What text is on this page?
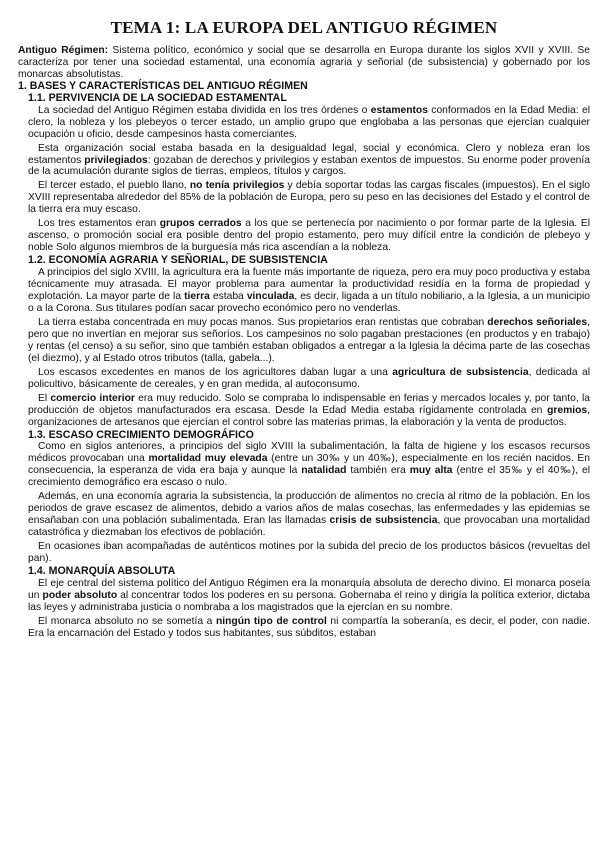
TEMA 1: LA EUROPA DEL ANTIGUO RÉGIMEN

Antiguo Régimen: Sistema político, económico y social que se desarrolla en Europa durante los siglos XVII y XVIII. Se caracteriza por tener una sociedad estamental, una economía agraria y señorial (de subsistencia) y gobernado por los monarcas absolutistas.

1. BASES Y CARACTERÍSTICAS DEL ANTIGUO RÉGIMEN
1.1. PERVIVENCIA DE LA SOCIEDAD ESTAMENTAL

La sociedad del Antiguo Régimen estaba dividida en los tres órdenes o estamentos conformados en la Edad Media: el clero, la nobleza y los plebeyos o tercer estado, un amplio grupo que englobaba a las personas que ejercían cualquier ocupación u oficio, desde campesinos hasta comerciantes.

Esta organización social estaba basada en la desigualdad legal, social y económica. Clero y nobleza eran los estamentos privilegiados: gozaban de derechos y privilegios y estaban exentos de impuestos. Su enorme poder provenía de la acumulación durante siglos de tierras, empleos, títulos y cargos.

El tercer estado, el pueblo llano, no tenía privilegios y debía soportar todas las cargas fiscales (impuestos). En el siglo XVIII representaba alrededor del 85% de la población de Europa, pero su peso en las decisiones del Estado y el control de la tierra era muy escaso.

Los tres estamentos eran grupos cerrados a los que se pertenecía por nacimiento o por formar parte de la Iglesia. El ascenso, o promoción social era posible dentro del propio estamento, pero muy difícil entre la condición de plebeyo y noble Solo algunos miembros de la burguesía más rica ascendían a la nobleza.

1.2. ECONOMÍA AGRARIA Y SEÑORIAL, DE SUBSISTENCIA

A principios del siglo XVIII, la agricultura era la fuente más importante de riqueza, pero era muy poco productiva y estaba técnicamente muy atrasada. El mayor problema para aumentar la productividad residía en la forma de propiedad y explotación. La mayor parte de la tierra estaba vinculada, es decir, ligada a un título nobiliario, a la Iglesia, a un municipio o a la Corona. Sus titulares podían sacar provecho económico pero no venderlas.

La tierra estaba concentrada en muy pocas manos. Sus propietarios eran rentistas que cobraban derechos señoriales, pero que no invertían en mejorar sus señoríos. Los campesinos no solo pagaban prestaciones (en productos y en trabajo) y rentas (el censo) a su señor, sino que también estaban obligados a entregar a la Iglesia la décima parte de las cosechas (el diezmo), y al Estado otros tributos (talla, gabela...).

Los escasos excedentes en manos de los agricultores daban lugar a una agricultura de subsistencia, dedicada al policultivo, básicamente de cereales, y en gran medida, al autoconsumo.

El comercio interior era muy reducido. Solo se compraba lo indispensable en ferias y mercados locales y, por tanto, la producción de objetos manufacturados era escasa. Desde la Edad Media estaba rígidamente controlada en gremios, organizaciones de artesanos que ejercían el control sobre las materias primas, la elaboración y la venta de productos.

1.3. ESCASO CRECIMIENTO DEMOGRÁFICO

Como en siglos anteriores, a principios del siglo XVIII la subalimentación, la falta de higiene y los escasos recursos médicos provocaban una mortalidad muy elevada (entre un 30‰ y un 40‰), especialmente en los recién nacidos. En consecuencia, la esperanza de vida era baja y aunque la natalidad también era muy alta (entre el 35‰ y el 40‰), el crecimiento demográfico era escaso o nulo.

Además, en una economía agraria la subsistencia, la producción de alimentos no crecía al ritmo de la población. En los periodos de grave escasez de alimentos, debido a varios años de malas cosechas, las enfermedades y las epidemias se ensañaban con una población subalimentada. Eran las llamadas crisis de subsistencia, que provocaban una mortalidad catastrófica y diezmaban los efectivos de población.

En ocasiones iban acompañadas de auténticos motines por la subida del precio de los productos básicos (revueltas del pan).

1.4. MONARQUÍA ABSOLUTA

El eje central del sistema político del Antiguo Régimen era la monarquía absoluta de derecho divino. El monarca poseía un poder absoluto al concentrar todos los poderes en su persona. Gobernaba el reino y dirigía la política exterior, dictaba las leyes y administraba justicia o nombraba a los magistrados que la ejercían en su nombre.

El monarca absoluto no se sometía a ningún tipo de control ni compartía la soberanía, es decir, el poder, con nadie. Era la encarnación del Estado y todos sus habitantes, sus súbditos, estaban
